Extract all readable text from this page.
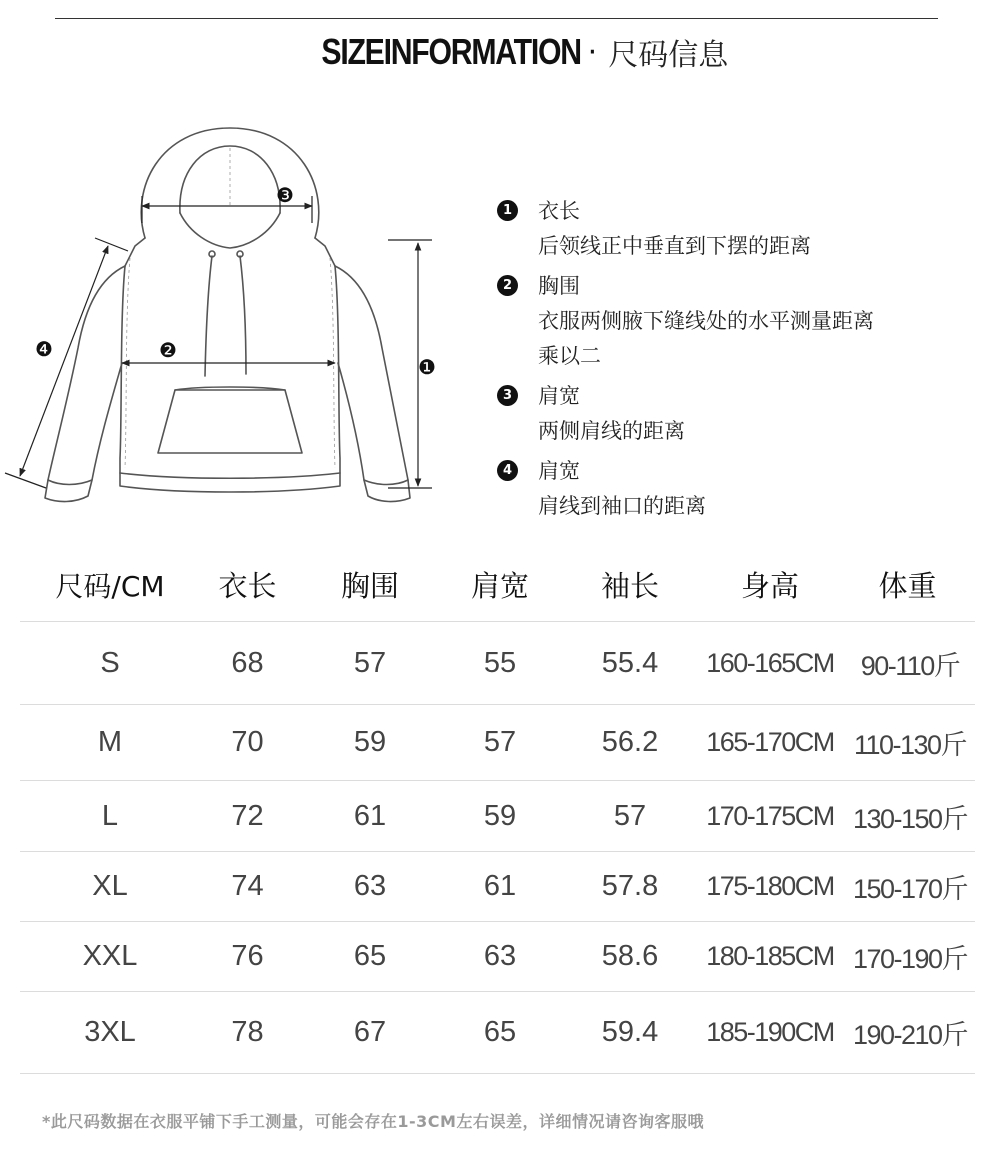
SIZEINFORMATION · 尺码信息
❸
❷
❶
❹
1 衣长
后领线正中垂直到下摆的距离
2 胸围
衣服两侧腋下缝线处的水平测量距离乘以二
3 肩宽
两侧肩线的距离
4 肩宽
肩线到袖口的距离
尺码/CM	衣长	胸围	肩宽	袖长	身高	体重
S	68	57	55	55.4	160-165CM 90-110斤
M	70	59	57	56.2	165-170CM 110-130斤
L	72	61	59	57	170-175CM 130-150斤
XL	74	63	61	57.8	175-180CM 150-170斤
XXL	76	65	63	58.6	180-185CM 170-190斤
3XL	78	67	65	59.4	185-190CM 190-210斤
*此尺码数据在衣服平铺下手工测量，可能会存在1-3CM左右误差，详细情况请咨询客服哦
